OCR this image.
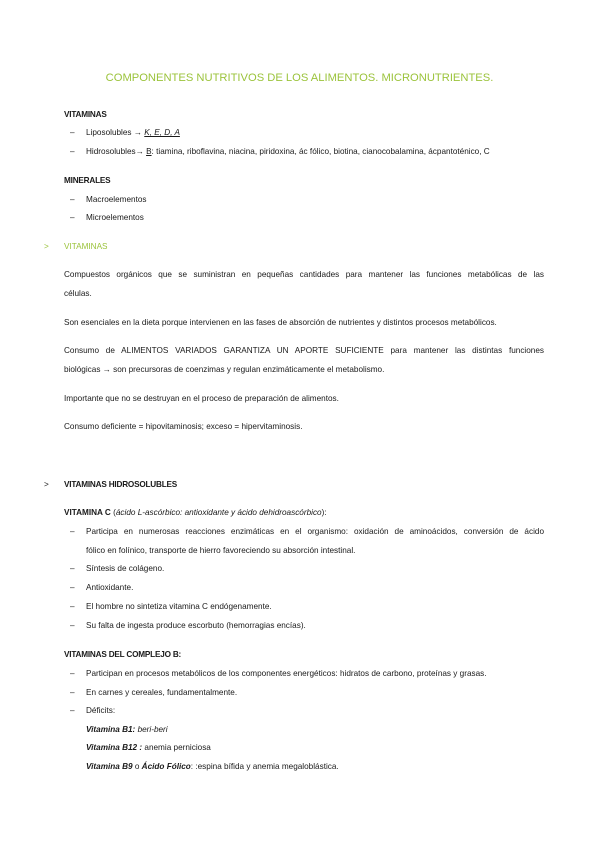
COMPONENTES NUTRITIVOS DE LOS ALIMENTOS. MICRONUTRIENTES.
VITAMINAS
– Liposolubles → K, E, D, A
– Hidrosolubles→ B: tiamina, riboflavina, niacina, piridoxina, ác fólico, biotina, cianocobalamina, ácpantoténico, C
MINERALES
– Macroelementos
– Microelementos
> VITAMINAS
Compuestos orgánicos que se suministran en pequeñas cantidades para mantener las funciones metabólicas de las
células.
Son esenciales en la dieta porque intervienen en las fases de absorción de nutrientes y distintos procesos metabólicos.
Consumo de ALIMENTOS VARIADOS GARANTIZA UN APORTE SUFICIENTE para mantener las distintas funciones
biológicas → son precursoras de coenzimas y regulan enzimáticamente el metabolismo.
Importante que no se destruyan en el proceso de preparación de alimentos.
Consumo deficiente = hipovitaminosis; exceso = hipervitaminosis.
> VITAMINAS HIDROSOLUBLES
VITAMINA C (ácido L-ascórbico: antioxidante y ácido dehidroascórbico):
– Participa en numerosas reacciones enzimáticas en el organismo: oxidación de aminoácidos, conversión de ácido
fólico en folínico, transporte de hierro favoreciendo su absorción intestinal.
– Síntesis de colágeno.
– Antioxidante.
– El hombre no sintetiza vitamina C endógenamente.
– Su falta de ingesta produce escorbuto (hemorragias encías).
VITAMINAS DEL COMPLEJO B:
– Participan en procesos metabólicos de los componentes energéticos: hidratos de carbono, proteínas y grasas.
– En carnes y cereales, fundamentalmente.
– Déficits:
Vitamina B1: beri-beri
Vitamina B12 : anemia perniciosa
Vitamina B9 o Ácido Fólico: :espina bífida y anemia megaloblástica.
